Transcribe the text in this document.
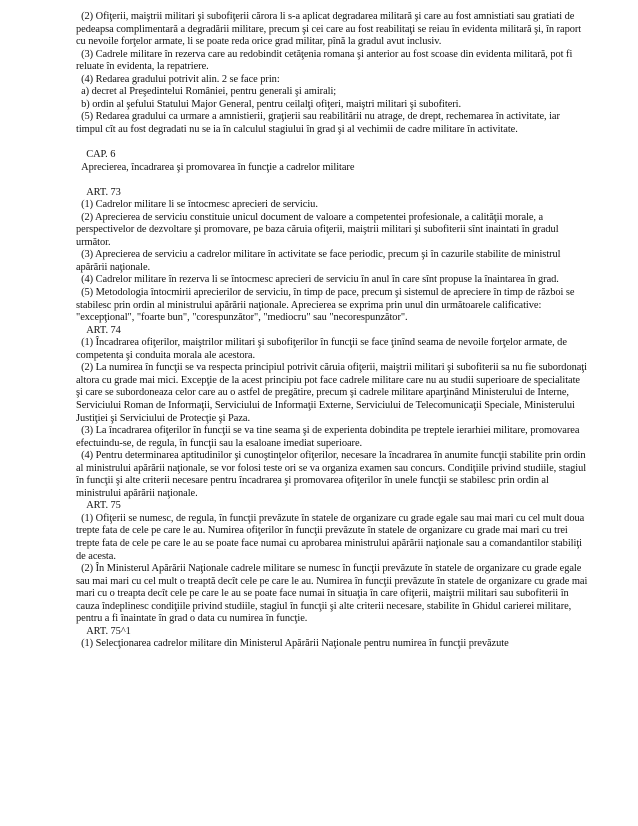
(2) Ofiţerii, maiştrii militari şi subofiţerii cărora li s-a aplicat degradarea militară şi care au fost amnistiati sau gratiati de pedeapsa complimentară a degradării militare, precum şi cei care au fost reabilitaţi se reiau în evidenta militară şi, în raport cu nevoile forţelor armate, li se poate reda orice grad militar, pînă la gradul avut inclusiv.

(3) Cadrele militare în rezerva care au redobindit cetăţenia romana şi anterior au fost scoase din evidenta militară, pot fi reluate în evidenta, la repatriere.

(4) Redarea gradului potrivit alin. 2 se face prin:

a) decret al Preşedintelui României, pentru generali şi amirali;

b) ordin al şefului Statului Major General, pentru ceilalţi ofiţeri, maiştri militari şi subofiteri.

(5) Redarea gradului ca urmare a amnistierii, graţierii sau reabilitării nu atrage, de drept, rechemarea în activitate, iar timpul cît au fost degradati nu se ia în calculul stagiului în grad şi al vechimii de cadre militare în activitate.

CAP. 6

Aprecierea, încadrarea şi promovarea în funcţie a cadrelor militare

ART. 73

(1) Cadrelor militare li se întocmesc aprecieri de serviciu.

(2) Aprecierea de serviciu constituie unicul document de valoare a competentei profesionale, a calităţii morale, a perspectivelor de dezvoltare şi promovare, pe baza căruia ofiţerii, maiştrii militari şi subofiterii sînt inaintati în gradul următor.

(3) Aprecierea de serviciu a cadrelor militare în activitate se face periodic, precum şi în cazurile stabilite de ministrul apărării naţionale.

(4) Cadrelor militare în rezerva li se întocmesc aprecieri de serviciu în anul în care sînt propuse la înaintarea în grad.

(5) Metodologia întocmirii aprecierilor de serviciu, în timp de pace, precum şi sistemul de apreciere în timp de război se stabilesc prin ordin al ministrului apărării naţionale. Aprecierea se exprima prin unul din următoarele calificative: "excepţional", "foarte bun", "corespunzător", "mediocru" sau "necorespunzător".

ART. 74

(1) Încadrarea ofiţerilor, maiştrilor militari şi subofiţerilor în funcţii se face ţinînd seama de nevoile forţelor armate, de competenta şi conduita morala ale acestora.

(2) La numirea în funcţii se va respecta principiul potrivit căruia ofiţerii, maiştrii militari şi subofiterii sa nu fie subordonaţi altora cu grade mai mici. Excepţie de la acest principiu pot face cadrele militare care nu au studii superioare de specialitate şi care se subordoneaza celor care au o astfel de pregătire, precum şi cadrele militare aparţinând Ministerului de Interne, Serviciului Roman de Informaţii, Serviciului de Informaţii Externe, Serviciului de Telecomunicaţii Speciale, Ministerului Justiţiei şi Serviciului de Protecţie şi Paza.

(3) La încadrarea ofiţerilor în funcţii se va tine seama şi de experienta dobindita pe treptele ierarhiei militare, promovarea efectuindu-se, de regula, în funcţii sau la esaloane imediat superioare.

(4) Pentru determinarea aptitudinilor şi cunoştinţelor ofiţerilor, necesare la încadrarea în anumite funcţii stabilite prin ordin al ministrului apărării naţionale, se vor folosi teste ori se va organiza examen sau concurs. Condiţiile privind studiile, stagiul în funcţii şi alte criterii necesare pentru încadrarea şi promovarea ofiţerilor în unele funcţii se stabilesc prin ordin al ministrului apărării naţionale.

ART. 75

(1) Ofiţerii se numesc, de regula, în funcţii prevăzute în statele de organizare cu grade egale sau mai mari cu cel mult doua trepte fata de cele pe care le au. Numirea ofiţerilor în funcţii prevăzute în statele de organizare cu grade mai mari cu trei trepte fata de cele pe care le au se poate face numai cu aprobarea ministrului apărării naţionale sau a comandantilor stabiliţi de acesta.

(2) În Ministerul Apărării Naţionale cadrele militare se numesc în funcţii prevăzute în statele de organizare cu grade egale sau mai mari cu cel mult o treaptă decît cele pe care le au. Numirea în funcţii prevăzute în statele de organizare cu grade mai mari cu o treapta decît cele pe care le au se poate face numai în situaţia în care ofiţerii, maiştrii militari sau subofiterii în cauza îndeplinesc condiţiile privind studiile, stagiul în funcţii şi alte criterii necesare, stabilite în Ghidul carierei militare, pentru a fi înaintate în grad o data cu numirea în funcţie.

ART. 75^1

(1) Selecţionarea cadrelor militare din Ministerul Apărării Naţionale pentru numirea în funcţii prevăzute
